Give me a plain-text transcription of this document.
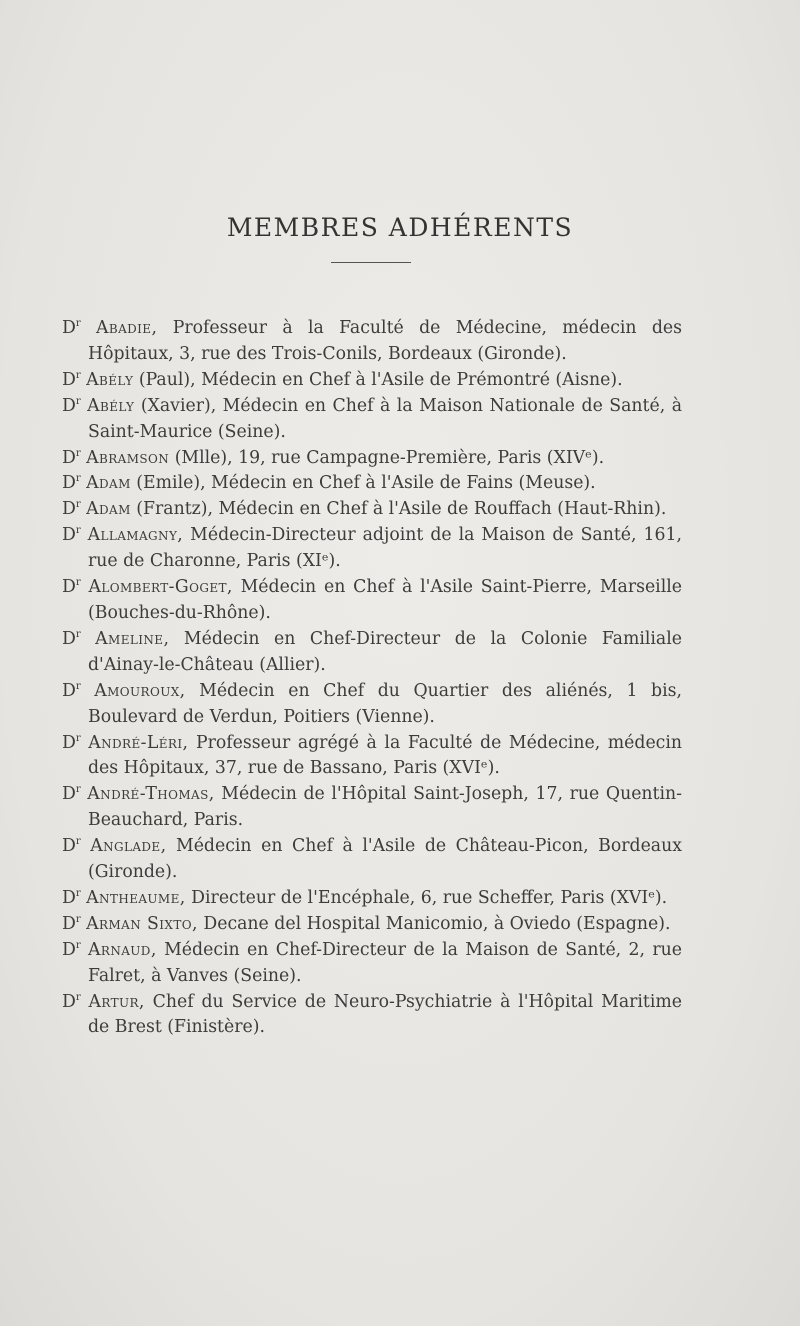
MEMBRES ADHÉRENTS

$D^r$ Abadie, Professeur à la Faculté de Médecine, médecin des Hôpitaux, 3, rue des Trois-Conils, Bordeaux (Gironde).

$D^r$ Abély (Paul), Médecin en Chef à l'Asile de Prémontré (Aisne).

$D^r$ Abély (Xavier), Médecin en Chef à la Maison Nationale de Santé, à Saint-Maurice (Seine).

$D^r$ Abramson (Mlle), 19, rue Campagne-Première, Paris (XIVᵉ).

$D^r$ Adam (Emile), Médecin en Chef à l'Asile de Fains (Meuse).

$D^r$ Adam (Frantz), Médecin en Chef à l'Asile de Rouffach (Haut-Rhin).

$D^r$ Allamagny, Médecin-Directeur adjoint de la Maison de Santé, 161, rue de Charonne, Paris (XIᵉ).

$D^r$ Alombert-Goget, Médecin en Chef à l'Asile Saint-Pierre, Marseille (Bouches-du-Rhône).

$D^r$ Ameline, Médecin en Chef-Directeur de la Colonie Familiale d'Ainay-le-Château (Allier).

$D^r$ Amouroux, Médecin en Chef du Quartier des aliénés, 1 bis, Boulevard de Verdun, Poitiers (Vienne).

$D^r$ André-Léri, Professeur agrégé à la Faculté de Médecine, médecin des Hôpitaux, 37, rue de Bassano, Paris (XVIᵉ).

$D^r$ André-Thomas, Médecin de l'Hôpital Saint-Joseph, 17, rue Quentin-Beauchard, Paris.

$D^r$ Anglade, Médecin en Chef à l'Asile de Château-Picon, Bordeaux (Gironde).

$D^r$ Antheaume, Directeur de l'Encéphale, 6, rue Scheffer, Paris (XVIᵉ).

$D^r$ Arman Sixto, Decane del Hospital Manicomio, à Oviedo (Espagne).

$D^r$ Arnaud, Médecin en Chef-Directeur de la Maison de Santé, 2, rue Falret, à Vanves (Seine).

$D^r$ Artur, Chef du Service de Neuro-Psychiatrie à l'Hôpital Maritime de Brest (Finistère).
